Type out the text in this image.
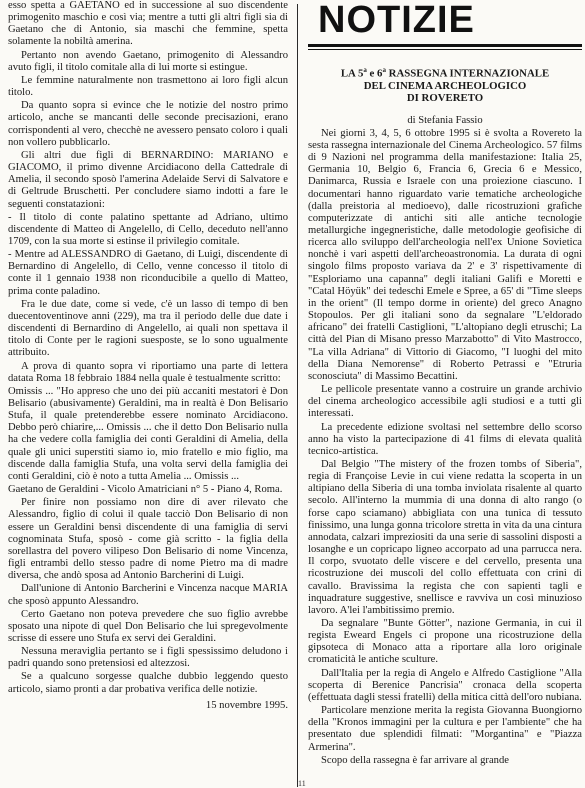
esso spetta a GAETANO ed in successione al suo discendente primogenito maschio e così via; mentre a tutti gli altri figli sia di Gaetano che di Antonio, sia maschi che femmine, spetta solamente la nobiltà amerina.

Pertanto non avendo Gaetano, primogenito di Alessandro avuto figli, il titolo comitale alla di lui morte si estingue.

Le femmine naturalmente non trasmettono ai loro figli alcun titolo.

Da quanto sopra si evince che le notizie del nostro primo articolo, anche se mancanti delle seconde precisazioni, erano corrispondenti al vero, checchè ne avessero pensato coloro i quali non vollero pubblicarlo.

Gli altri due figli di BERNARDINO: MARIANO e GIACOMO, il primo divenne Arcidiacono della Cattedrale di Amelia, il secondo sposò l'amerina Adelaide Servi di Salvatore e di Geltrude Bruschetti. Per concludere siamo indotti a fare le seguenti constatazioni:

- Il titolo di conte palatino spettante ad Adriano, ultimo discendente di Matteo di Angelello, di Cello, deceduto nell'anno 1709, con la sua morte si estinse il privilegio comitale.

- Mentre ad ALESSANDRO di Gaetano, di Luigi, discendente di Bernardino di Angelello, di Cello, venne concesso il titolo di conte il 1 gennaio 1938 non riconducibile a quello di Matteo, prima conte paladino.

Fra le due date, come si vede, c'è un lasso di tempo di ben duecentoventinove anni (229), ma tra il periodo delle due date i discendenti di Bernardino di Angelello, ai quali non spettava il titolo di Conte per le ragioni suesposte, se lo sono ugualmente attribuito.

A prova di quanto sopra vi riportiamo una parte di lettera datata Roma 18 febbraio 1884 nella quale è testualmente scritto:

Omissis ... "Ho appreso che uno dei più accaniti mestatori è Don Belisario (abusivamente) Geraldini, ma in realtà è Don Belisario Stufa, il quale pretenderebbe essere nominato Arcidiacono. Debbo però chiarire,... Omissis ... che il detto Don Belisario nulla ha che vedere colla famiglia dei conti Geraldini di Amelia, della quale gli unici superstiti siamo io, mio fratello e mio figlio, ma discende dalla famiglia Stufa, una volta servi della famiglia dei conti Geraldini, ciò è noto a tutta Amelia ... Omissis ...

Gaetano de Geraldini - Vicolo Amatriciani n° 5 - Piano 4, Roma.

Per finire non possiamo non dire di aver rilevato che Alessandro, figlio di colui il quale tacciò Don Belisario di non essere un Geraldini bensì discendente di una famiglia di servi cognominata Stufa, sposò - come già scritto - la figlia della sorellastra del povero vilipeso Don Belisario di nome Vincenza, figli entrambi dello stesso padre di nome Pietro ma di madre diversa, che andò sposa ad Antonio Barcherini di Luigi.

Dall'unione di Antonio Barcherini e Vincenza nacque MARIA che sposò appunto Alessandro.

Certo Gaetano non poteva prevedere che suo figlio avrebbe sposato una nipote di quel Don Belisario che lui spregevolmente scrisse di essere uno Stufa ex servi dei Geraldini.

Nessuna meraviglia pertanto se i figli spessissimo deludono i padri quando sono pretensiosi ed altezzosi.

Se a qualcuno sorgesse qualche dubbio leggendo questo articolo, siamo pronti a dar probativa verifica delle notizie.

15 novembre 1995.

NOTIZIE
LA 5$^a$ e 6$^a$ RASSEGNA INTERNAZIONALE
DEL CINEMA ARCHEOLOGICO
DI ROVERETO

di Stefania Fassio

Nei giorni 3, 4, 5, 6 ottobre 1995 si è svolta a Rovereto la sesta rassegna internazionale del Cinema Archeologico. 57 films di 9 Nazioni nel programma della manifestazione: Italia 25, Germania 10, Belgio 6, Francia 6, Grecia 6 e Messico, Danimarca, Russia e Israele con una proiezione ciascuno. I documentari hanno riguardato varie tematiche archeologiche (dalla preistoria al medioevo), dalle ricostruzioni grafiche computerizzate di antichi siti alle antiche tecnologie metallurgiche ingegneristiche, dalle metodologie geofisiche di ricerca allo sviluppo dell'archeologia nell'ex Unione Sovietica nonchè i vari aspetti dell'archeoastronomia. La durata di ogni singolo films proposto variava da 2' e 3' rispettivamente di "Esploriamo una capanna" degli italiani Galifi e Moretti e "Catal Höyük" dei tedeschi Emele e Spree, a 65' di "Time sleeps in the orient" (Il tempo dorme in oriente) del greco Anagno Stopoulos. Per gli italiani sono da segnalare "L'eldorado africano" dei fratelli Castiglioni, "L'altopiano degli etruschi; La città del Pian di Misano presso Marzabotto" di Vito Mastrocco, "La villa Adriana" di Vittorio di Giacomo, "I luoghi del mito della Diana Nemorense" di Roberto Petrassi e "Etruria sconosciuta" di Massimo Becattini.

Le pellicole presentate vanno a costruire un grande archivio del cinema archeologico accessibile agli studiosi e a tutti gli interessati.

La precedente edizione svoltasi nel settembre dello scorso anno ha visto la partecipazione di 41 films di elevata qualità tecnico-artistica.

Dal Belgio "The mistery of the frozen tombs of Siberia", regia di Françoise Levie in cui viene redatta la scoperta in un altipiano della Siberia di una tomba inviolata risalente al quarto secolo. All'interno la mummia di una donna di alto rango (o forse capo sciamano) abbigliata con una tunica di tessuto finissimo, una lunga gonna tricolore stretta in vita da una cintura annodata, calzari impreziositi da una serie di sassolini disposti a losanghe e un copricapo ligneo accorpato ad una parrucca nera. Il corpo, svuotato delle viscere e del cervello, presenta una ricostruzione dei muscoli del collo effettuata con crini di cavallo. Bravissima la regista che con sapienti tagli e inquadrature suggestive, snellisce e ravviva un così minuzioso lavoro. A'lei l'ambitissimo premio.

Da segnalare "Bunte Götter", nazione Germania, in cui il regista Eweard Engels ci propone una ricostruzione della gipsoteca di Monaco atta a riportare alla loro originale cromaticità le antiche sculture.

Dall'Italia per la regia di Angelo e Alfredo Castiglione "Alla scoperta di Berenice Pancrisia" cronaca della scoperta (effettuata dagli stessi fratelli) della mitica città dell'oro nubiana.

Particolare menzione merita la regista Giovanna Buongiorno della "Kronos immagini per la cultura e per l'ambiente" che ha presentato due splendidi filmati: "Morgantina" e "Piazza Armerina".

Scopo della rassegna è far arrivare al grande

11
